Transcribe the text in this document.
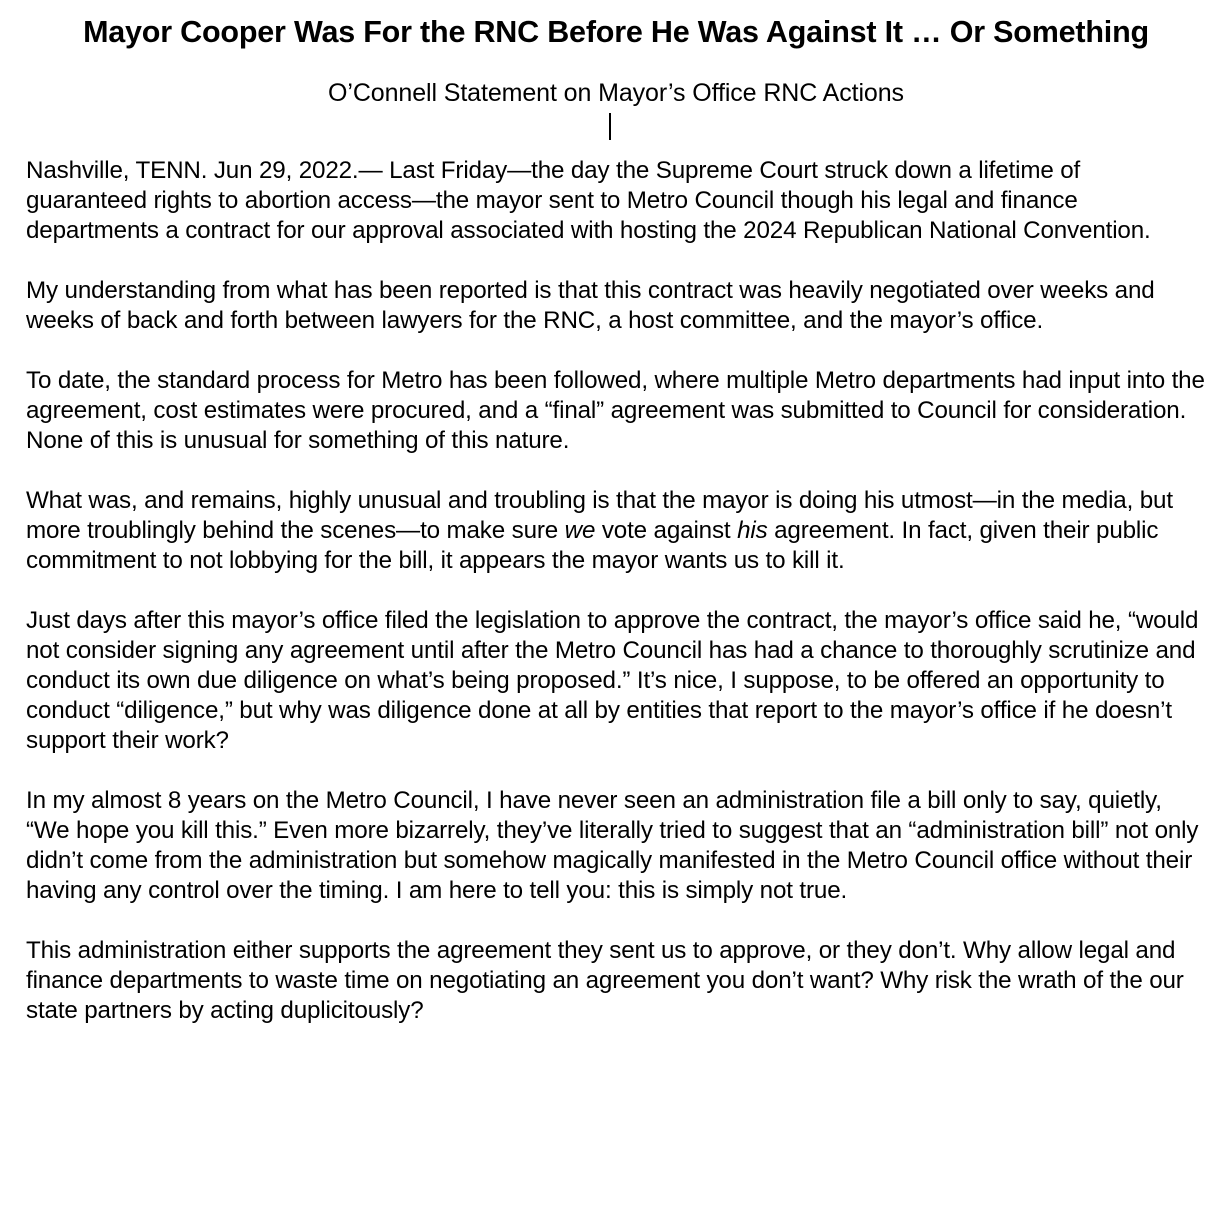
Mayor Cooper Was For the RNC Before He Was Against It … Or Something
O’Connell Statement on Mayor’s Office RNC Actions

Nashville, TENN. Jun 29, 2022.— Last Friday—the day the Supreme Court struck down a lifetime of guaranteed rights to abortion access—the mayor sent to Metro Council though his legal and finance departments a contract for our approval associated with hosting the 2024 Republican National Convention.

My understanding from what has been reported is that this contract was heavily negotiated over weeks and weeks of back and forth between lawyers for the RNC, a host committee, and the mayor’s office.

To date, the standard process for Metro has been followed, where multiple Metro departments had input into the agreement, cost estimates were procured, and a “final” agreement was submitted to Council for consideration. None of this is unusual for something of this nature.

What was, and remains, highly unusual and troubling is that the mayor is doing his utmost—in the media, but more troublingly behind the scenes—to make sure we vote against his agreement. In fact, given their public commitment to not lobbying for the bill, it appears the mayor wants us to kill it.

Just days after this mayor’s office filed the legislation to approve the contract, the mayor’s office said he, “would not consider signing any agreement until after the Metro Council has had a chance to thoroughly scrutinize and conduct its own due diligence on what’s being proposed.” It’s nice, I suppose, to be offered an opportunity to conduct “diligence,” but why was diligence done at all by entities that report to the mayor’s office if he doesn’t support their work?

In my almost 8 years on the Metro Council, I have never seen an administration file a bill only to say, quietly, “We hope you kill this.” Even more bizarrely, they’ve literally tried to suggest that an “administration bill” not only didn’t come from the administration but somehow magically manifested in the Metro Council office without their having any control over the timing. I am here to tell you: this is simply not true.

This administration either supports the agreement they sent us to approve, or they don’t. Why allow legal and finance departments to waste time on negotiating an agreement you don’t want? Why risk the wrath of the our state partners by acting duplicitously?
